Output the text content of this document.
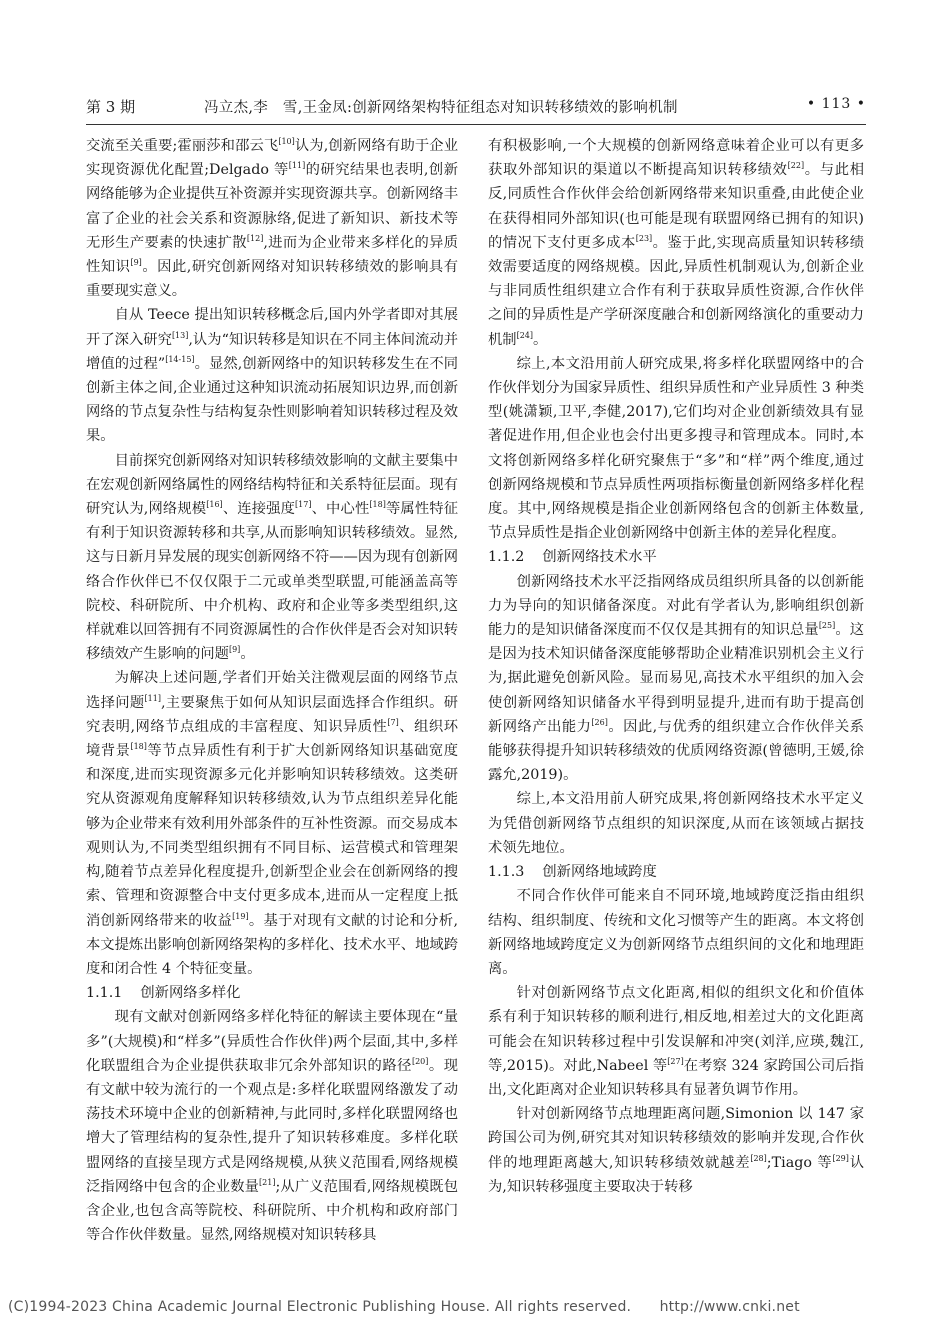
第 3 期	冯立杰,李　雪,王金凤:创新网络架构特征组态对知识转移绩效的影响机制	• 113 •

交流至关重要;霍丽莎和邵云飞[10]认为,创新网络有助于企业实现资源优化配置;Delgado 等[11]的研究结果也表明,创新网络能够为企业提供互补资源并实现资源共享。创新网络丰富了企业的社会关系和资源脉络,促进了新知识、新技术等无形生产要素的快速扩散[12],进而为企业带来多样化的异质性知识[9]。因此,研究创新网络对知识转移绩效的影响具有重要现实意义。

自从 Teece 提出知识转移概念后,国内外学者即对其展开了深入研究[13],认为“知识转移是知识在不同主体间流动并增值的过程”[14-15]。显然,创新网络中的知识转移发生在不同创新主体之间,企业通过这种知识流动拓展知识边界,而创新网络的节点复杂性与结构复杂性则影响着知识转移过程及效果。

目前探究创新网络对知识转移绩效影响的文献主要集中在宏观创新网络属性的网络结构特征和关系特征层面。现有研究认为,网络规模[16]、连接强度[17]、中心性[18]等属性特征有利于知识资源转移和共享,从而影响知识转移绩效。显然,这与日新月异发展的现实创新网络不符——因为现有创新网络合作伙伴已不仅仅限于二元或单类型联盟,可能涵盖高等院校、科研院所、中介机构、政府和企业等多类型组织,这样就难以回答拥有不同资源属性的合作伙伴是否会对知识转移绩效产生影响的问题[9]。

为解决上述问题,学者们开始关注微观层面的网络节点选择问题[11],主要聚焦于如何从知识层面选择合作组织。研究表明,网络节点组成的丰富程度、知识异质性[7]、组织环境背景[18]等节点异质性有利于扩大创新网络知识基础宽度和深度,进而实现资源多元化并影响知识转移绩效。这类研究从资源观角度解释知识转移绩效,认为节点组织差异化能够为企业带来有效利用外部条件的互补性资源。而交易成本观则认为,不同类型组织拥有不同目标、运营模式和管理架构,随着节点差异化程度提升,创新型企业会在创新网络的搜索、管理和资源整合中支付更多成本,进而从一定程度上抵消创新网络带来的收益[19]。基于对现有文献的讨论和分析,本文提炼出影响创新网络架构的多样化、技术水平、地域跨度和闭合性 4 个特征变量。

1.1.1 创新网络多样化

现有文献对创新网络多样化特征的解读主要体现在“量多”(大规模)和“样多”(异质性合作伙伴)两个层面,其中,多样化联盟组合为企业提供获取非冗余外部知识的路径[20]。现有文献中较为流行的一个观点是:多样化联盟网络激发了动荡技术环境中企业的创新精神,与此同时,多样化联盟网络也增大了管理结构的复杂性,提升了知识转移难度。多样化联盟网络的直接呈现方式是网络规模,从狭义范围看,网络规模泛指网络中包含的企业数量[21];从广义范围看,网络规模既包含企业,也包含高等院校、科研院所、中介机构和政府部门等合作伙伴数量。显然,网络规模对知识转移具

有积极影响,一个大规模的创新网络意味着企业可以有更多获取外部知识的渠道以不断提高知识转移绩效[22]。与此相反,同质性合作伙伴会给创新网络带来知识重叠,由此使企业在获得相同外部知识(也可能是现有联盟网络已拥有的知识)的情况下支付更多成本[23]。鉴于此,实现高质量知识转移绩效需要适度的网络规模。因此,异质性机制观认为,创新企业与非同质性组织建立合作有利于获取异质性资源,合作伙伴之间的异质性是产学研深度融合和创新网络演化的重要动力机制[24]。

综上,本文沿用前人研究成果,将多样化联盟网络中的合作伙伴划分为国家异质性、组织异质性和产业异质性 3 种类型(姚潇颖,卫平,李健,2017),它们均对企业创新绩效具有显著促进作用,但企业也会付出更多搜寻和管理成本。同时,本文将创新网络多样化研究聚焦于“多”和“样”两个维度,通过创新网络规模和节点异质性两项指标衡量创新网络多样化程度。其中,网络规模是指企业创新网络包含的创新主体数量,节点异质性是指企业创新网络中创新主体的差异化程度。

1.1.2 创新网络技术水平

创新网络技术水平泛指网络成员组织所具备的以创新能力为导向的知识储备深度。对此有学者认为,影响组织创新能力的是知识储备深度而不仅仅是其拥有的知识总量[25]。这是因为技术知识储备深度能够帮助企业精准识别机会主义行为,据此避免创新风险。显而易见,高技术水平组织的加入会使创新网络知识储备水平得到明显提升,进而有助于提高创新网络产出能力[26]。因此,与优秀的组织建立合作伙伴关系能够获得提升知识转移绩效的优质网络资源(曾德明,王媛,徐露允,2019)。

综上,本文沿用前人研究成果,将创新网络技术水平定义为凭借创新网络节点组织的知识深度,从而在该领域占据技术领先地位。

1.1.3 创新网络地域跨度

不同合作伙伴可能来自不同环境,地域跨度泛指由组织结构、组织制度、传统和文化习惯等产生的距离。本文将创新网络地域跨度定义为创新网络节点组织间的文化和地理距离。

针对创新网络节点文化距离,相似的组织文化和价值体系有利于知识转移的顺利进行,相反地,相差过大的文化距离可能会在知识转移过程中引发误解和冲突(刘洋,应瑛,魏江,等,2015)。对此,Nabeel 等[27]在考察 324 家跨国公司后指出,文化距离对企业知识转移具有显著负调节作用。

针对创新网络节点地理距离问题,Simonion 以 147 家跨国公司为例,研究其对知识转移绩效的影响并发现,合作伙伴的地理距离越大,知识转移绩效就越差[28];Tiago 等[29]认为,知识转移强度主要取决于转移

(C)1994-2023 China Academic Journal Electronic Publishing House. All rights reserved.　　http://www.cnki.net
